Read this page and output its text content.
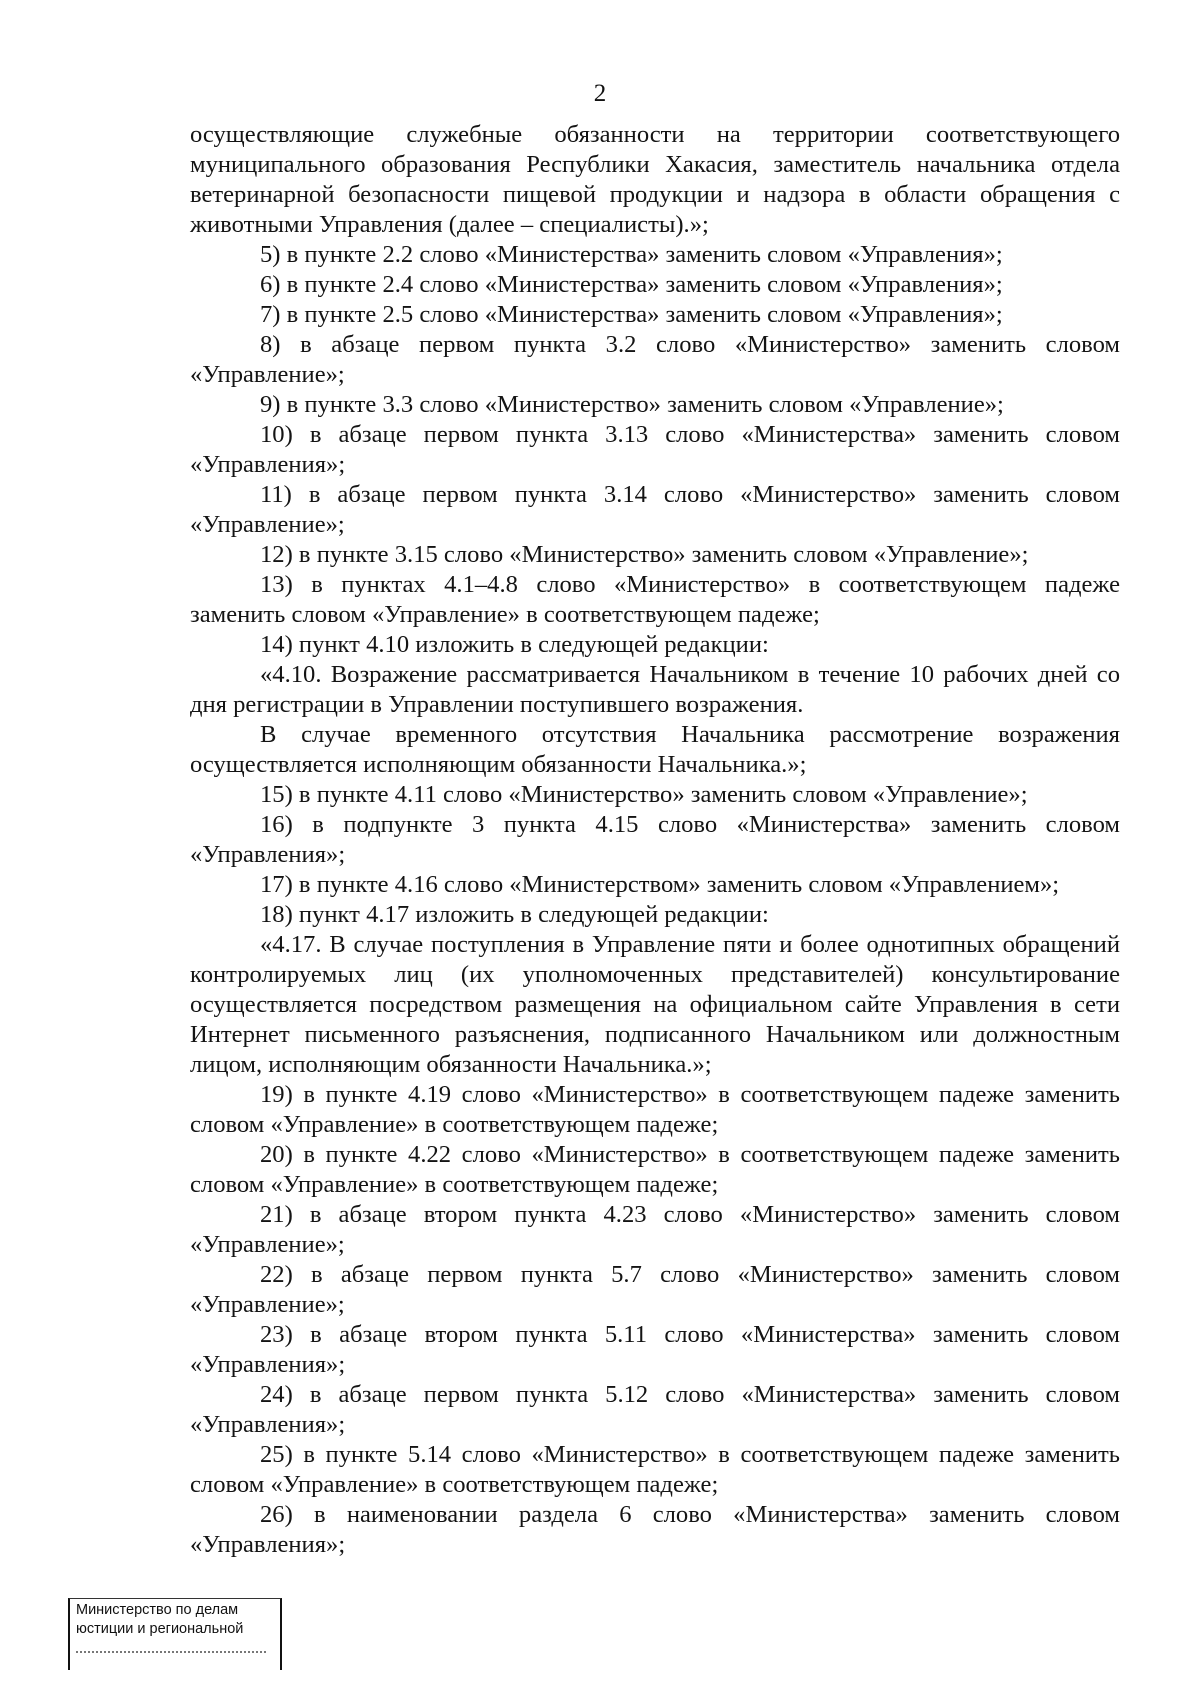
2

осуществляющие служебные обязанности на территории соответствующего муниципального образования Республики Хакасия, заместитель начальника отдела ветеринарной безопасности пищевой продукции и надзора в области обращения с животными Управления (далее – специалисты).»;

5) в пункте 2.2 слово «Министерства» заменить словом «Управления»;

6) в пункте 2.4 слово «Министерства» заменить словом «Управления»;

7) в пункте 2.5 слово «Министерства» заменить словом «Управления»;

8) в абзаце первом пункта 3.2 слово «Министерство» заменить словом «Управление»;

9) в пункте 3.3 слово «Министерство» заменить словом «Управление»;

10) в абзаце первом пункта 3.13 слово «Министерства» заменить словом «Управления»;

11) в абзаце первом пункта 3.14 слово «Министерство» заменить словом «Управление»;

12) в пункте 3.15 слово «Министерство» заменить словом «Управление»;

13) в пунктах 4.1–4.8 слово «Министерство» в соответствующем падеже заменить словом «Управление» в соответствующем падеже;

14) пункт 4.10 изложить в следующей редакции:

«4.10. Возражение рассматривается Начальником в течение 10 рабочих дней со дня регистрации в Управлении поступившего возражения.

В случае временного отсутствия Начальника рассмотрение возражения осуществляется исполняющим обязанности Начальника.»;

15) в пункте 4.11 слово «Министерство» заменить словом «Управление»;

16) в подпункте 3 пункта 4.15 слово «Министерства» заменить словом «Управления»;

17) в пункте 4.16 слово «Министерством» заменить словом «Управлением»;

18) пункт 4.17 изложить в следующей редакции:

«4.17. В случае поступления в Управление пяти и более однотипных обращений контролируемых лиц (их уполномоченных представителей) консультирование осуществляется посредством размещения на официальном сайте Управления в сети Интернет письменного разъяснения, подписанного Начальником или должностным лицом, исполняющим обязанности Начальника.»;

19) в пункте 4.19 слово «Министерство» в соответствующем падеже заменить словом «Управление» в соответствующем падеже;

20) в пункте 4.22 слово «Министерство» в соответствующем падеже заменить словом «Управление» в соответствующем падеже;

21) в абзаце втором пункта 4.23 слово «Министерство» заменить словом «Управление»;

22) в абзаце первом пункта 5.7 слово «Министерство» заменить словом «Управление»;

23) в абзаце втором пункта 5.11 слово «Министерства» заменить словом «Управления»;

24) в абзаце первом пункта 5.12 слово «Министерства» заменить словом «Управления»;

25) в пункте 5.14 слово «Министерство» в соответствующем падеже заменить словом «Управление» в соответствующем падеже;

26) в наименовании раздела 6 слово «Министерства» заменить словом «Управления»;

Министерство по делам
юстиции и региональной
